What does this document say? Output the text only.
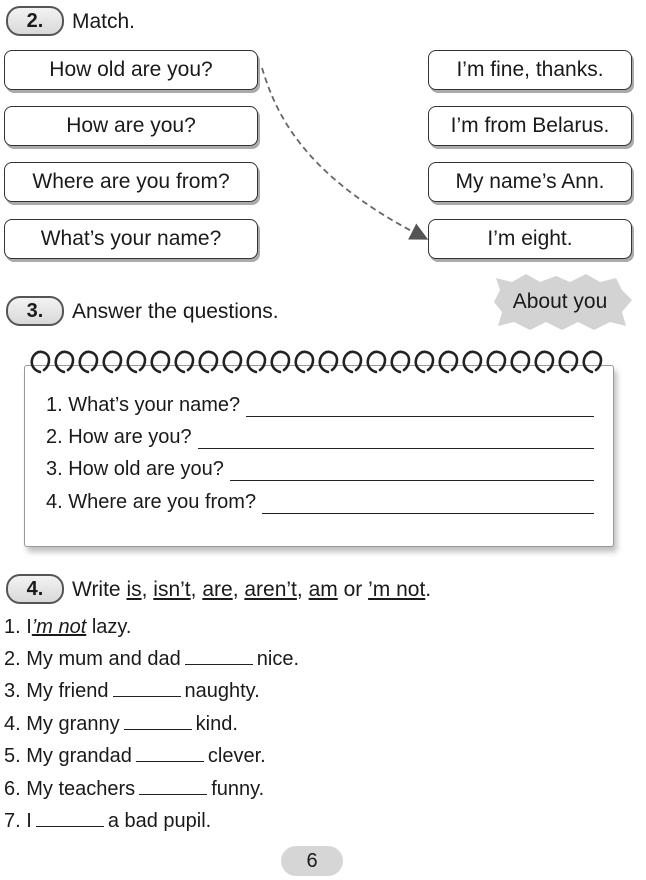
2.	Match.
How old are you?
How are you?
Where are you from?
What’s your name?
I’m fine, thanks.
I’m from Belarus.
My name’s Ann.
I’m eight.
3.	Answer the questions.	About you
1. What’s your name?
2. How are you?
3. How old are you?
4. Where are you from?
4.	Write is, isn’t, are, aren’t, am or ’m not.
1. I’m not lazy.
2. My mum and dad	nice.
3. My friend	naughty.
4. My granny	kind.
5. My grandad	clever.
6. My teachers	funny.
7. I	a bad pupil.
6
